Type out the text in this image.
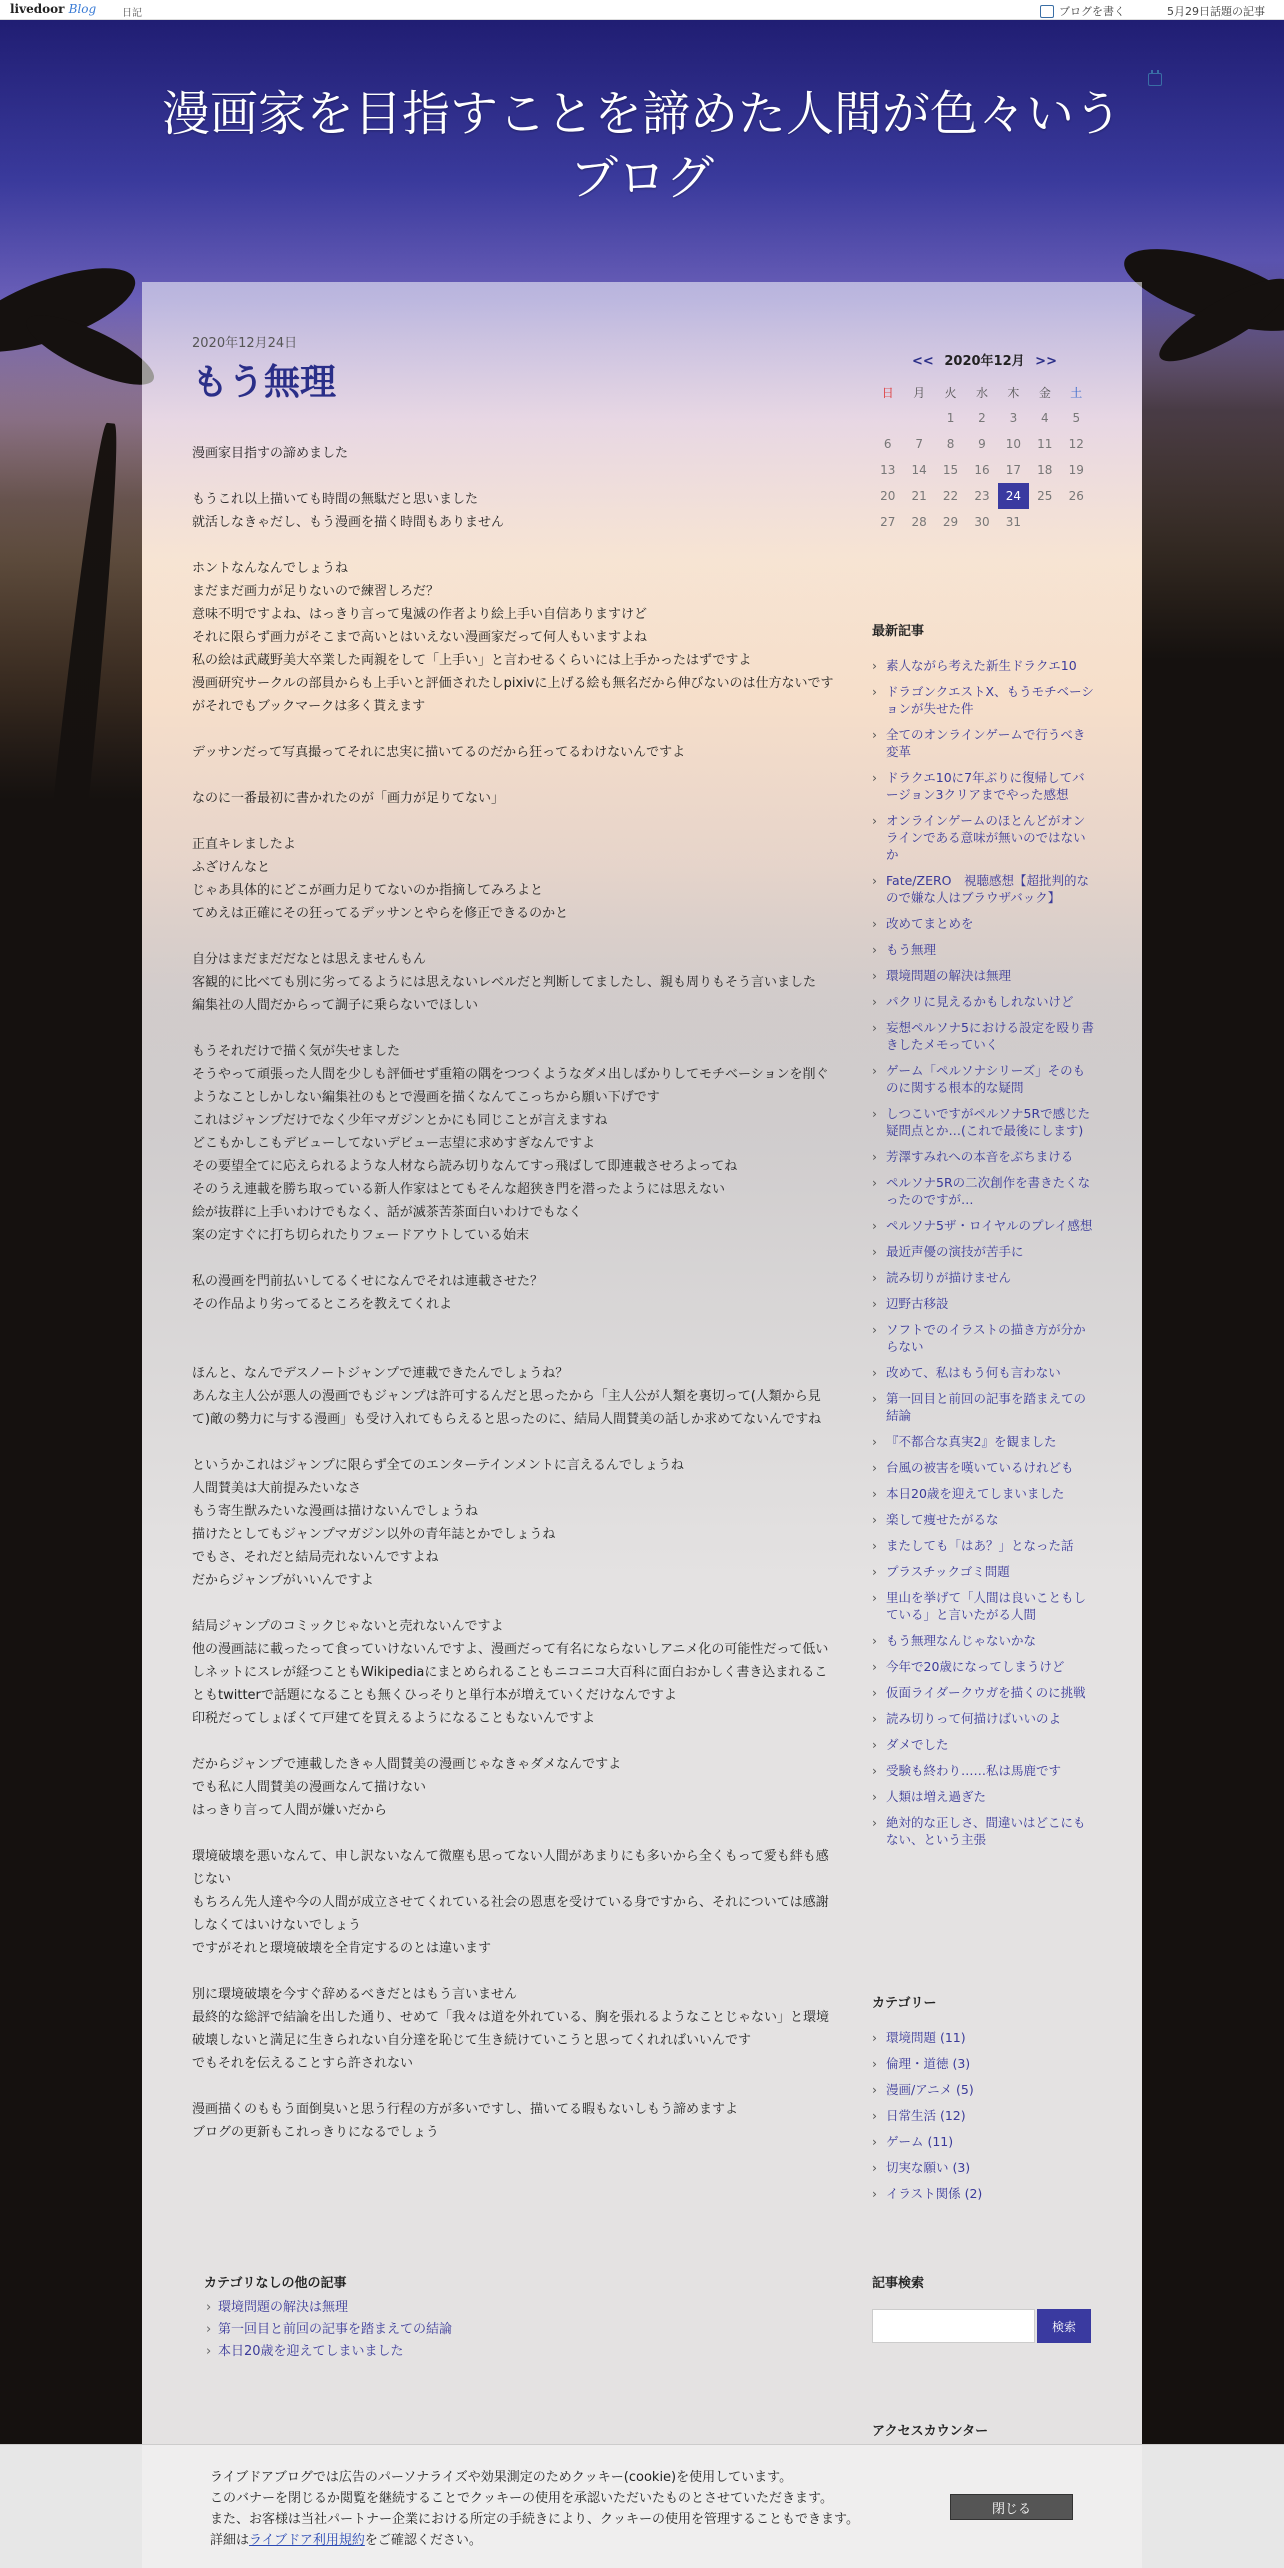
livedoor Blog	日記	ブログを書く	5月29日話題の記事
漫画家を目指すことを諦めた人間が色々いうブログ
2020年12月24日
もう無理
漫画家目指すの諦めました

もうこれ以上描いても時間の無駄だと思いました
就活しなきゃだし、もう漫画を描く時間もありません

ホントなんなんでしょうね
まだまだ画力が足りないので練習しろだ？
意味不明ですよね、はっきり言って鬼滅の作者より絵上手い自信ありますけど
それに限らず画力がそこまで高いとはいえない漫画家だって何人もいますよね
私の絵は武蔵野美大卒業した両親をして「上手い」と言わせるくらいには上手かったはずですよ
漫画研究サークルの部員からも上手いと評価されたしpixivに上げる絵も無名だから伸びないのは仕方ないですがそれでもブックマークは多く貰えます

デッサンだって写真撮ってそれに忠実に描いてるのだから狂ってるわけないんですよ

なのに一番最初に書かれたのが「画力が足りてない」

正直キレましたよ
ふざけんなと
じゃあ具体的にどこが画力足りてないのか指摘してみろよと
てめえは正確にその狂ってるデッサンとやらを修正できるのかと

自分はまだまだだなとは思えませんもん
客観的に比べても別に劣ってるようには思えないレベルだと判断してましたし、親も周りもそう言いました
編集社の人間だからって調子に乗らないでほしい

もうそれだけで描く気が失せました
そうやって頑張った人間を少しも評価せず重箱の隅をつつくようなダメ出しばかりしてモチベーションを削ぐようなことしかしない編集社のもとで漫画を描くなんてこっちから願い下げです
これはジャンプだけでなく少年マガジンとかにも同じことが言えますね
どこもかしこもデビューしてないデビュー志望に求めすぎなんですよ
その要望全てに応えられるような人材なら読み切りなんてすっ飛ばして即連載させろよってね
そのうえ連載を勝ち取っている新人作家はとてもそんな超狭き門を潜ったようには思えない
絵が抜群に上手いわけでもなく、話が滅茶苦茶面白いわけでもなく
案の定すぐに打ち切られたりフェードアウトしている始末

私の漫画を門前払いしてるくせになんでそれは連載させた？
その作品より劣ってるところを教えてくれよ

ほんと、なんでデスノートジャンプで連載できたんでしょうね？
あんな主人公が悪人の漫画でもジャンプは許可するんだと思ったから「主人公が人類を裏切って(人類から見て)敵の勢力に与する漫画」も受け入れてもらえると思ったのに、結局人間賛美の話しか求めてないんですね

というかこれはジャンプに限らず全てのエンターテインメントに言えるんでしょうね
人間賛美は大前提みたいなさ
もう寄生獣みたいな漫画は描けないんでしょうね
描けたとしてもジャンプマガジン以外の青年誌とかでしょうね
でもさ、それだと結局売れないんですよね
だからジャンプがいいんですよ

結局ジャンプのコミックじゃないと売れないんですよ
他の漫画誌に載ったって食っていけないんですよ、漫画だって有名にならないしアニメ化の可能性だって低いしネットにスレが経つこともWikipediaにまとめられることもニコニコ大百科に面白おかしく書き込まれることもtwitterで話題になることも無くひっそりと単行本が増えていくだけなんですよ
印税だってしょぼくて戸建てを買えるようになることもないんですよ

だからジャンプで連載したきゃ人間賛美の漫画じゃなきゃダメなんですよ
でも私に人間賛美の漫画なんて描けない
はっきり言って人間が嫌いだから

環境破壊を悪いなんて、申し訳ないなんて微塵も思ってない人間があまりにも多いから全くもって愛も絆も感じない
もちろん先人達や今の人間が成立させてくれている社会の恩恵を受けている身ですから、それについては感謝しなくてはいけないでしょう
ですがそれと環境破壊を全肯定するのとは違います

別に環境破壊を今すぐ辞めるべきだとはもう言いません
最終的な総評で結論を出した通り、せめて「我々は道を外れている、胸を張れるようなことじゃない」と環境破壊しないと満足に生きられない自分達を恥じて生き続けていこうと思ってくれればいいんです
でもそれを伝えることすら許されない

漫画描くのももう面倒臭いと思う行程の方が多いですし、描いてる暇もないしもう諦めますよ
ブログの更新もこれっきりになるでしょう
カテゴリなしの他の記事
› 環境問題の解決は無理
› 第一回目と前回の記事を踏まえての結論
› 本日20歳を迎えてしまいました
<< 2020年12月 >>
日	月	火	水	木	金	土
		1	2	3	4	5
6	7	8	9	10	11	12
13	14	15	16	17	18	19
20	21	22	23	24	25	26
27	28	29	30	31		
最新記事
› 素人ながら考えた新生ドラクエ10
› ドラゴンクエストX、もうモチベーションが失せた件
› 全てのオンラインゲームで行うべき変革
› ドラクエ10に7年ぶりに復帰してバージョン3クリアまでやった感想
› オンラインゲームのほとんどがオンラインである意味が無いのではないか
› Fate/ZERO　視聴感想【超批判的なので嫌な人はブラウザバック】
› 改めてまとめを
› もう無理
› 環境問題の解決は無理
› パクリに見えるかもしれないけど
› 妄想ペルソナ5における設定を殴り書きしたメモっていく
› ゲーム「ペルソナシリーズ」そのものに関する根本的な疑問
› しつこいですがペルソナ5Rで感じた疑問点とか…(これで最後にします)
› 芳澤すみれへの本音をぶちまける
› ペルソナ5Rの二次創作を書きたくなったのですが…
› ペルソナ5ザ・ロイヤルのプレイ感想
› 最近声優の演技が苦手に
› 読み切りが描けません
› 辺野古移設
› ソフトでのイラストの描き方が分からない
› 改めて、私はもう何も言わない
› 第一回目と前回の記事を踏まえての結論
› 『不都合な真実2』を観ました
› 台風の被害を嘆いているけれども
› 本日20歳を迎えてしまいました
› 楽して痩せたがるな
› またしても「はあ？」となった話
› プラスチックゴミ問題
› 里山を挙げて「人間は良いこともしている」と言いたがる人間
› もう無理なんじゃないかな
› 今年で20歳になってしまうけど
› 仮面ライダークウガを描くのに挑戦
› 読み切りって何描けばいいのよ
› ダメでした
› 受験も終わり……私は馬鹿です
› 人類は増え過ぎた
› 絶対的な正しさ、間違いはどこにもない、という主張
カテゴリー
› 環境問題 (11)
› 倫理・道徳 (3)
› 漫画/アニメ (5)
› 日常生活 (12)
› ゲーム (11)
› 切実な願い (3)
› イラスト関係 (2)
記事検索
検索
アクセスカウンター
ライブドアブログでは広告のパーソナライズや効果測定のためクッキー(cookie)を使用しています。
このバナーを閉じるか閲覧を継続することでクッキーの使用を承認いただいたものとさせていただきます。
また、お客様は当社パートナー企業における所定の手続きにより、クッキーの使用を管理することもできます。
詳細はライブドア利用規約をご確認ください。
閉じる
